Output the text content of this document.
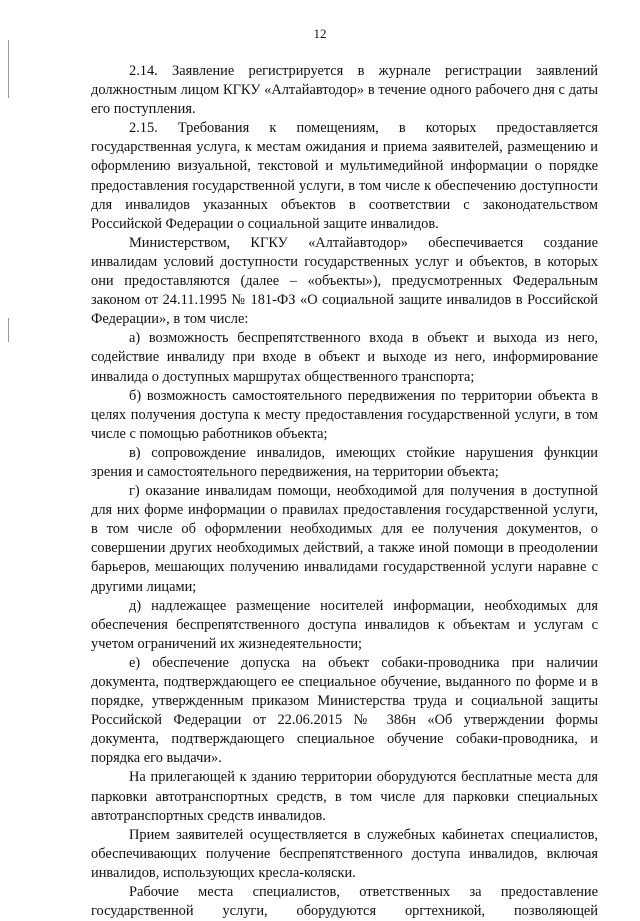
12

2.14. Заявление регистрируется в журнале регистрации заявлений должностным лицом КГКУ «Алтайавтодор» в течение одного рабочего дня с даты его поступления.

2.15. Требования к помещениям, в которых предоставляется государственная услуга, к местам ожидания и приема заявителей, размещению и оформлению визуальной, текстовой и мультимедийной информации о порядке предоставления государственной услуги, в том числе к обеспечению доступности для инвалидов указанных объектов в соответствии с законодательством Российской Федерации о социальной защите инвалидов.

Министерством, КГКУ «Алтайавтодор» обеспечивается создание инвалидам условий доступности государственных услуг и объектов, в которых они предоставляются (далее – «объекты»), предусмотренных Федеральным законом от 24.11.1995 № 181-ФЗ «О социальной защите инвалидов в Российской Федерации», в том числе:

а) возможность беспрепятственного входа в объект и выхода из него, содействие инвалиду при входе в объект и выходе из него, информирование инвалида о доступных маршрутах общественного транспорта;

б) возможность самостоятельного передвижения по территории объекта в целях получения доступа к месту предоставления государственной услуги, в том числе с помощью работников объекта;

в) сопровождение инвалидов, имеющих стойкие нарушения функции зрения и самостоятельного передвижения, на территории объекта;

г) оказание инвалидам помощи, необходимой для получения в доступной для них форме информации о правилах предоставления государственной услуги, в том числе об оформлении необходимых для ее получения документов, о совершении других необходимых действий, а также иной помощи в преодолении барьеров, мешающих получению инвалидами государственной услуги наравне с другими лицами;

д) надлежащее размещение носителей информации, необходимых для обеспечения беспрепятственного доступа инвалидов к объектам и услугам с учетом ограничений их жизнедеятельности;

е) обеспечение допуска на объект собаки-проводника при наличии документа, подтверждающего ее специальное обучение, выданного по форме и в порядке, утвержденным приказом Министерства труда и социальной защиты Российской Федерации от 22.06.2015 № 386н «Об утверждении формы документа, подтверждающего специальное обучение собаки-проводника, и порядка его выдачи».

На прилегающей к зданию территории оборудуются бесплатные места для парковки автотранспортных средств, в том числе для парковки специальных автотранспортных средств инвалидов.

Прием заявителей осуществляется в служебных кабинетах специалистов, обеспечивающих получение беспрепятственного доступа инвалидов, включая инвалидов, использующих кресла-коляски.

Рабочие места специалистов, ответственных за предоставление государственной услуги, оборудуются оргтехникой, позволяющей
